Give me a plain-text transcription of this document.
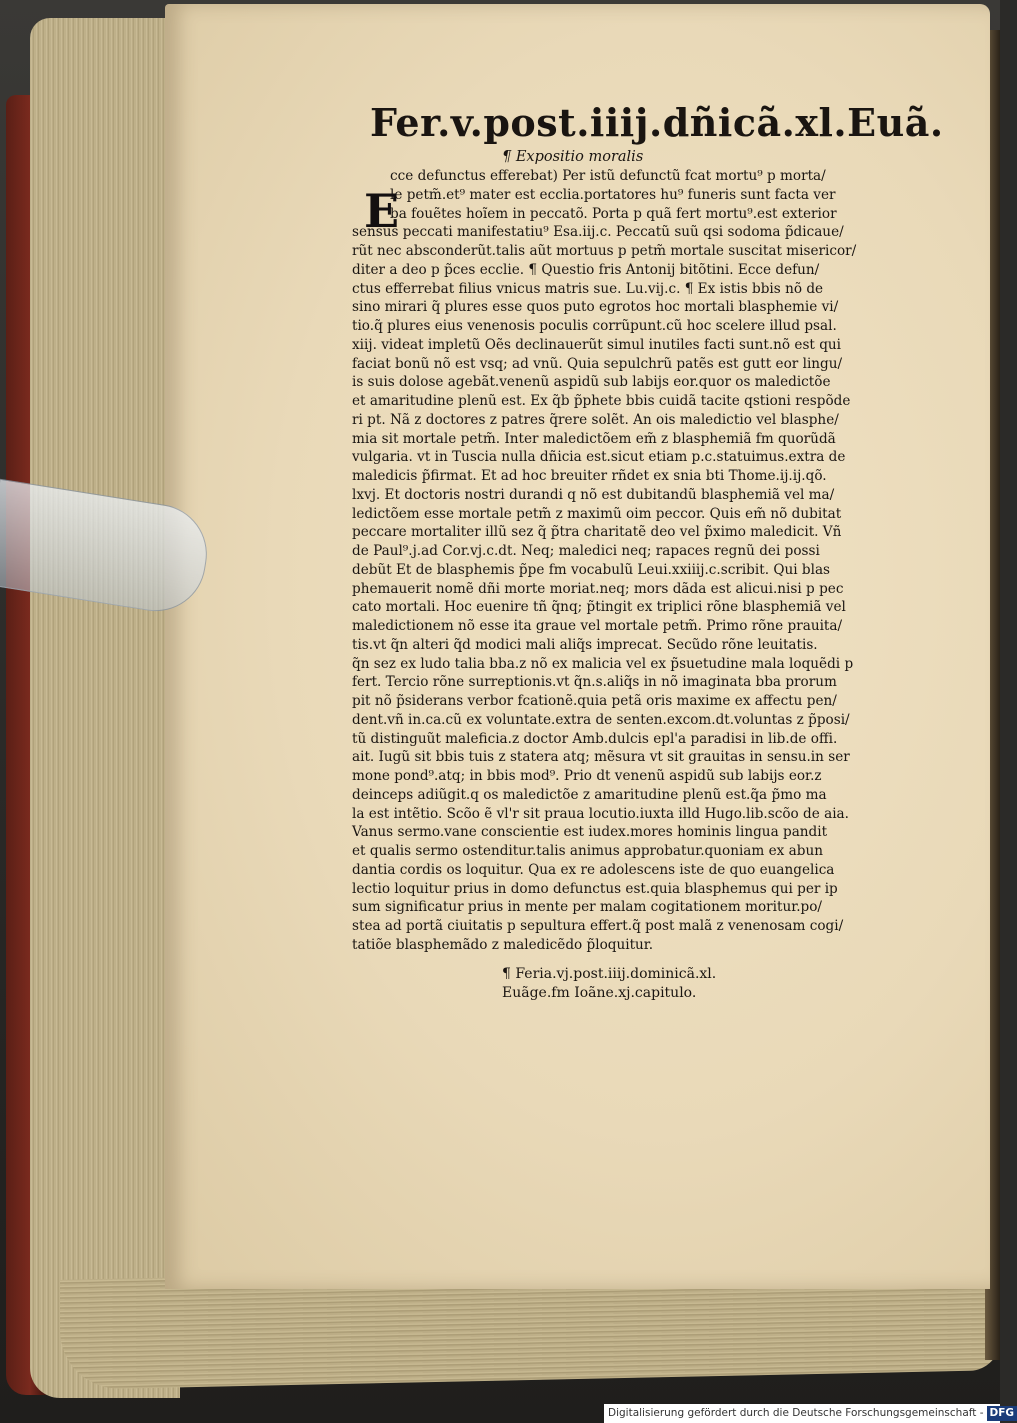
Fer.v.post.iiij.dñicã.xl.Euã.
¶ Expositio moralis
cce defunctus efferebat) Per istũ defunctũ fcat mortu⁹ p morta/
le petm̃.et⁹ mater est ecclia.portatores hu⁹ funeris sunt facta ver
ba fouẽtes hoĩem in peccatõ. Porta p quã fert mortu⁹.est exterior
sensus peccati manifestatiu⁹ Esa.iij.c. Peccatũ suũ qsi sodoma p̃dicaue/
rũt nec absconderũt.talis aũt mortuus p petm̃ mortale suscitat misericor/
diter a deo p p̃ces ecclie. ¶ Questio fris Antonij bitõtini. Ecce defun/
ctus efferrebat filius vnicus matris sue. Lu.vij.c. ¶ Ex istis bbis nõ de
sino mirari q̃ plures esse quos puto egrotos hoc mortali blasphemie vi/
tio.q̃ plures eius venenosis poculis corrũpunt.cũ hoc scelere illud psal.
xiij. videat impletũ Oẽs declinauerũt simul inutiles facti sunt.nõ est qui
faciat bonũ nõ est vsq; ad vnũ. Quia sepulchrũ patẽs est gutt eor lingu/
is suis dolose agebãt.venenũ aspidũ sub labijs eor.quor os maledictõe
et amaritudine plenũ est. Ex q̃b p̃phete bbis cuidã tacite qstioni respõde
ri pt. Nã z doctores z patres q̃rere solẽt. An ois maledictio vel blasphe/
mia sit mortale petm̃. Inter maledictõem em̃ z blasphemiã fm quorũdã
vulgaria. vt in Tuscia nulla dñicia est.sicut etiam p.c.statuimus.extra de
maledicis p̃firmat. Et ad hoc breuiter rñdet ex snia bti Thome.ij.ij.qõ.
lxvj. Et doctoris nostri durandi q nõ est dubitandũ blasphemiã vel ma/
ledictõem esse mortale petm̃ z maximũ oim peccor. Quis em̃ nõ dubitat
peccare mortaliter illũ sez q̃ p̃tra charitatẽ deo vel p̃ximo maledicit. Vñ
de Paul⁹.j.ad Cor.vj.c.dt. Neq; maledici neq; rapaces regnũ dei possi
debũt Et de blasphemis p̃pe fm vocabulũ Leui.xxiiij.c.scribit. Qui blas
phemauerit nomẽ dñi morte moriat.neq; mors dãda est alicui.nisi p pec
cato mortali. Hoc euenire tñ q̃nq; p̃tingit ex triplici rõne blasphemiã vel
maledictionem nõ esse ita graue vel mortale petm̃. Primo rõne prauita/
tis.vt q̃n alteri q̃d modici mali aliq̃s imprecat. Secũdo rõne leuitatis.
q̃n sez ex ludo talia bba.z nõ ex malicia vel ex p̃suetudine mala loquẽdi p
fert. Tercio rõne surreptionis.vt q̃n.s.aliq̃s in nõ imaginata bba prorum
pit nõ p̃siderans verbor fcationẽ.quia petã oris maxime ex affectu pen/
dent.vñ in.ca.cũ ex voluntate.extra de senten.excom.dt.voluntas z p̃posi/
tũ distinguũt maleficia.z doctor Amb.dulcis epl'a paradisi in lib.de offi.
ait. Iugũ sit bbis tuis z statera atq; mẽsura vt sit grauitas in sensu.in ser
mone pond⁹.atq; in bbis mod⁹. Prio dt venenũ aspidũ sub labijs eor.z
deinceps adiũgit.q os maledictõe z amaritudine plenũ est.q̃a p̃mo ma
la est intẽtio. Scõo ẽ vl'r sit praua locutio.iuxta illd Hugo.lib.scõo de aia.
Vanus sermo.vane conscientie est iudex.mores hominis lingua pandit
et qualis sermo ostenditur.talis animus approbatur.quoniam ex abun
dantia cordis os loquitur. Qua ex re adolescens iste de quo euangelica
lectio loquitur prius in domo defunctus est.quia blasphemus qui per ip
sum significatur prius in mente per malam cogitationem moritur.po/
stea ad portã ciuitatis p sepultura effert.q̃ post malã z venenosam cogi/
tatiõe blasphemãdo z maledicẽdo p̃loquitur.
¶ Feria.vj.post.iiij.dominicã.xl.
Euãge.fm Ioãne.xj.capitulo.
E
Digitalisierung gefördert durch die Deutsche Forschungsgemeinschaft - DFG
